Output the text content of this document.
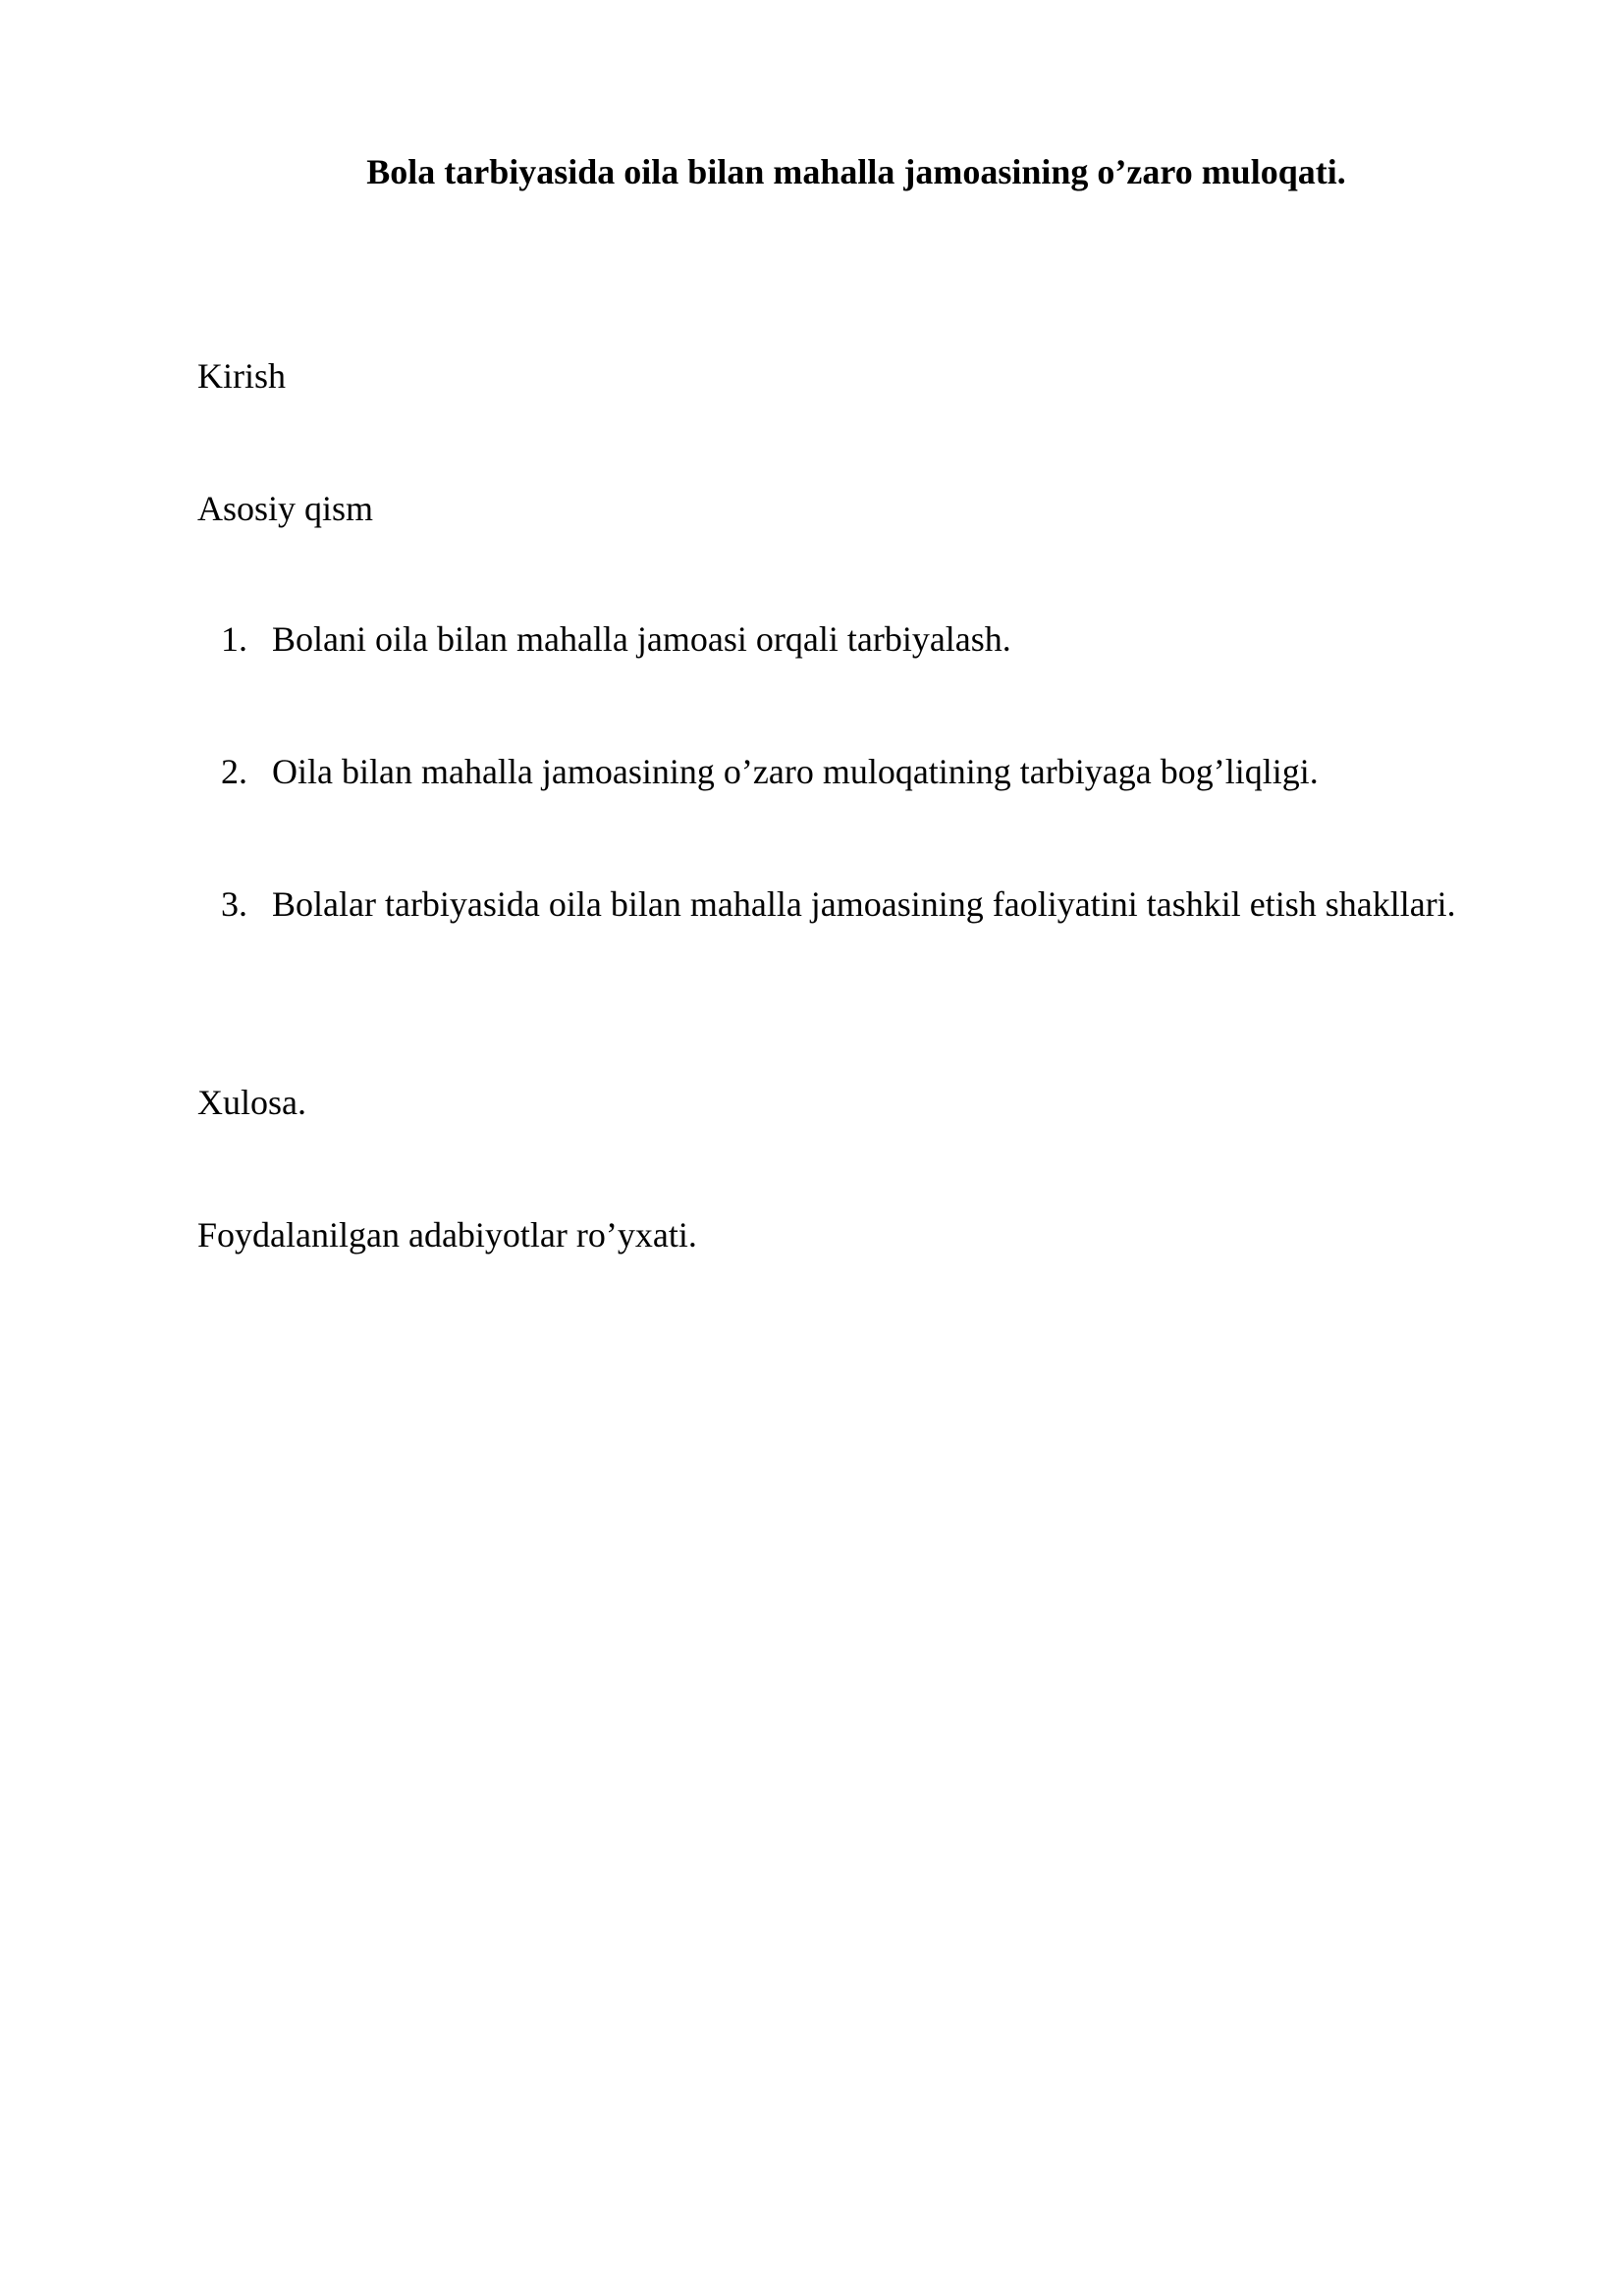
Bola tarbiyasida oila bilan mahalla jamoasining o’zaro muloqati.

Kirish

Asosiy qism

1. Bolani oila bilan mahalla jamoasi orqali tarbiyalash.
2. Oila bilan mahalla jamoasining o’zaro muloqatining tarbiyaga bog’liqligi.
3. Bolalar tarbiyasida oila bilan mahalla jamoasining faoliyatini tashkil etish shakllari.

Xulosa.

Foydalanilgan adabiyotlar ro’yxati.
